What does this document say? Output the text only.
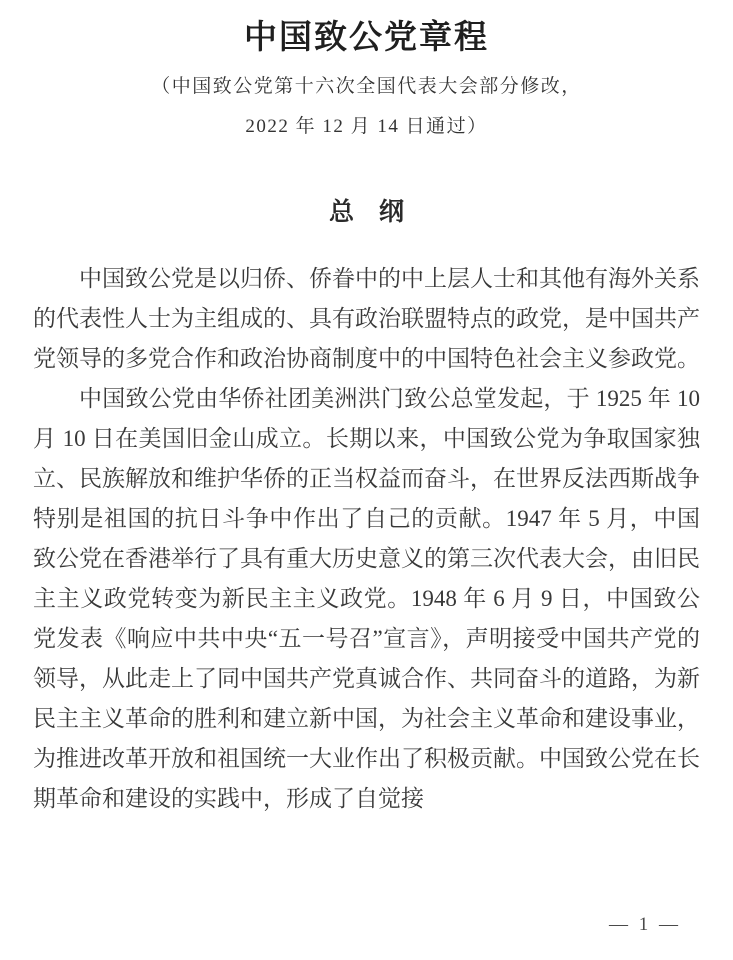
中国致公党章程
（中国致公党第十六次全国代表大会部分修改，
2022 年 12 月 14 日通过）
总　纲

中国致公党是以归侨、侨眷中的中上层人士和其他有海外关系的代表性人士为主组成的、具有政治联盟特点的政党，是中国共产党领导的多党合作和政治协商制度中的中国特色社会主义参政党。

中国致公党由华侨社团美洲洪门致公总堂发起，于 1925 年 10 月 10 日在美国旧金山成立。长期以来，中国致公党为争取国家独立、民族解放和维护华侨的正当权益而奋斗，在世界反法西斯战争特别是祖国的抗日斗争中作出了自己的贡献。1947 年 5 月，中国致公党在香港举行了具有重大历史意义的第三次代表大会，由旧民主主义政党转变为新民主主义政党。1948 年 6 月 9 日，中国致公党发表《响应中共中央“五一号召”宣言》，声明接受中国共产党的领导，从此走上了同中国共产党真诚合作、共同奋斗的道路，为新民主主义革命的胜利和建立新中国，为社会主义革命和建设事业，为推进改革开放和祖国统一大业作出了积极贡献。中国致公党在长期革命和建设的实践中，形成了自觉接

— 1 —
